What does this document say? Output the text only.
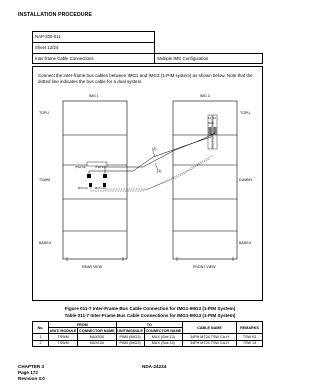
INSTALLATION PROCEDURE
NAP-200-011	
Sheet 12/24	
Inter-frame Cable Connections	Multiple IMG Configuration
Connect the inter-frame bus cables between IMG1 and IMG3 (1-PIM system) as shown below. Note that the dotted line indicates the bus cable for a dual system.
IMG 1	IMG 3
TOPU	TOPU
TSWM	DUMMY
BASEU	BASEU
REAR VIEW	FRONT VIEW
(2)
(1)
(TSW 03)	(TSW13)
MUX (0)	MUX (1)
13 14
MUX
Figure 011-7 Inter-Frame Bus Cable Connection for IMG1-IMG3 (1-PIM System)
Table 011-7 Inter-Frame Bus Cable Connections for IMG1-IMG3 (1-PIM System)
No.	FROM		TO		CABLE NAME	REMARKS
	UNIT/ MODULE	CONNECTOR NAME	UNIT/MODULE	CONNECTOR NAME		
1	TSWM	MUX030	PIM0 (IMG3)	MUX (Slot 13)	34PH MT24 TSW CA-H	TSW 03
2	TSWM	MUX130	PIM0 (IMG3)	MUX (Slot 14)	34PH MT24 TSW CA-H	TSW 13
CHAPTER 3
Page 172
Revision 3.0
NDA-24234
